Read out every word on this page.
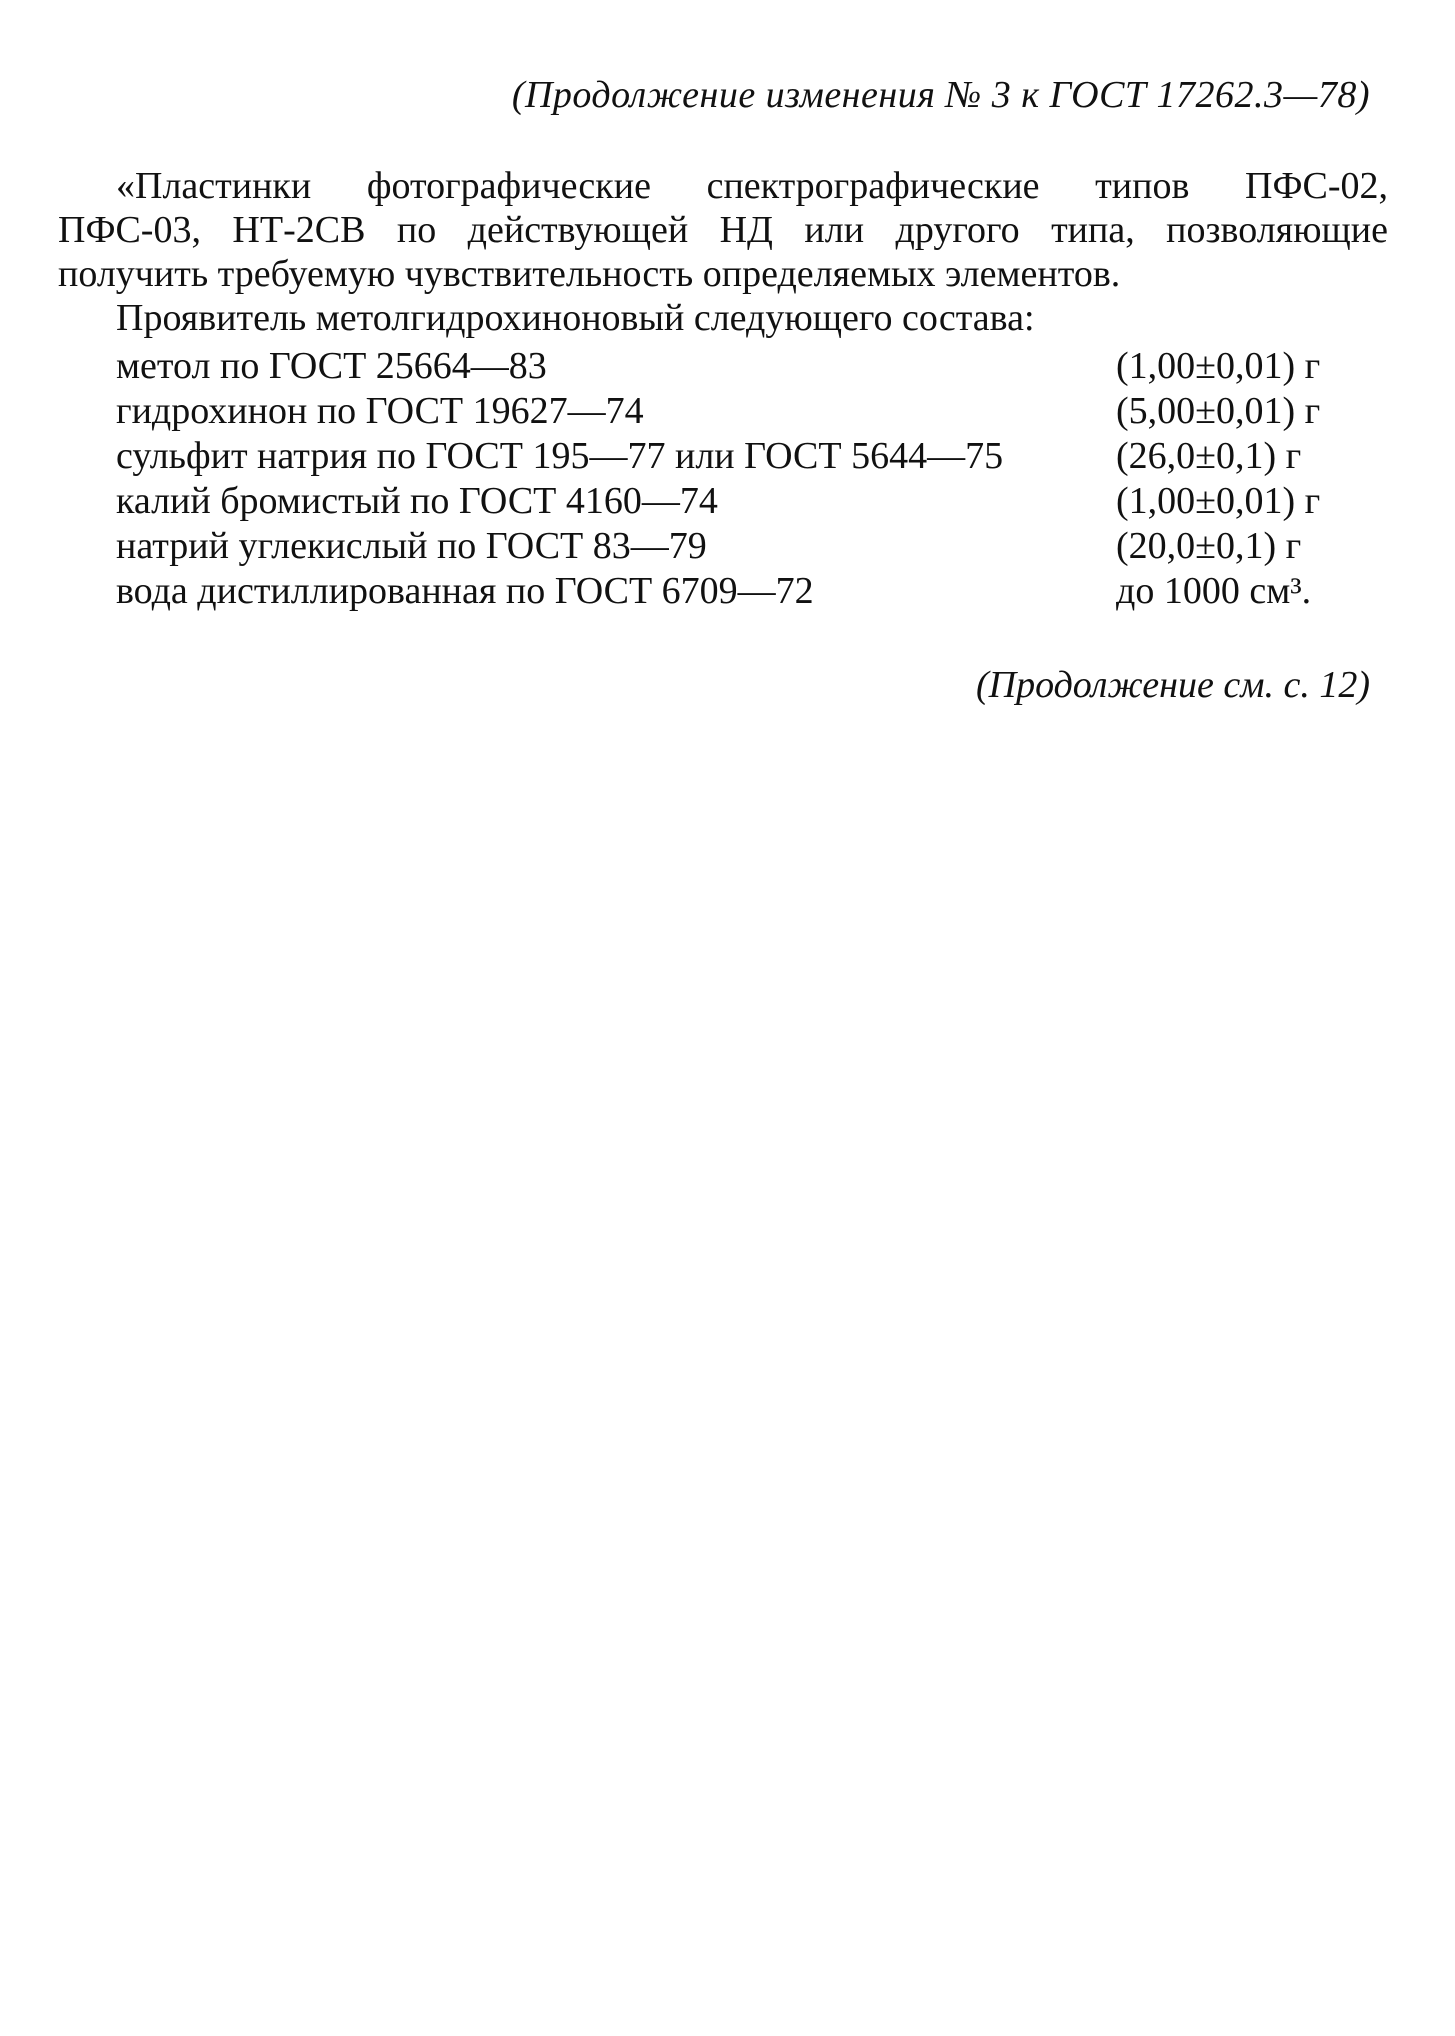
(Продолжение изменения № 3 к ГОСТ 17262.3—78)
«Пластинки фотографические спектрографические типов ПФС-02,
ПФС-03, НТ-2СВ по действующей НД или другого типа, позволяющие
получить требуемую чувствительность определяемых элементов.
Проявитель метолгидрохиноновый следующего состава:
метол по ГОСТ 25664—83	(1,00±0,01) г
гидрохинон по ГОСТ 19627—74	(5,00±0,01) г
сульфит натрия по ГОСТ 195—77 или ГОСТ 5644—75	(26,0±0,1) г
калий бромистый по ГОСТ 4160—74	(1,00±0,01) г
натрий углекислый по ГОСТ 83—79	(20,0±0,1) г
вода дистиллированная по ГОСТ 6709—72	до 1000 см³.
(Продолжение см. с. 12)
